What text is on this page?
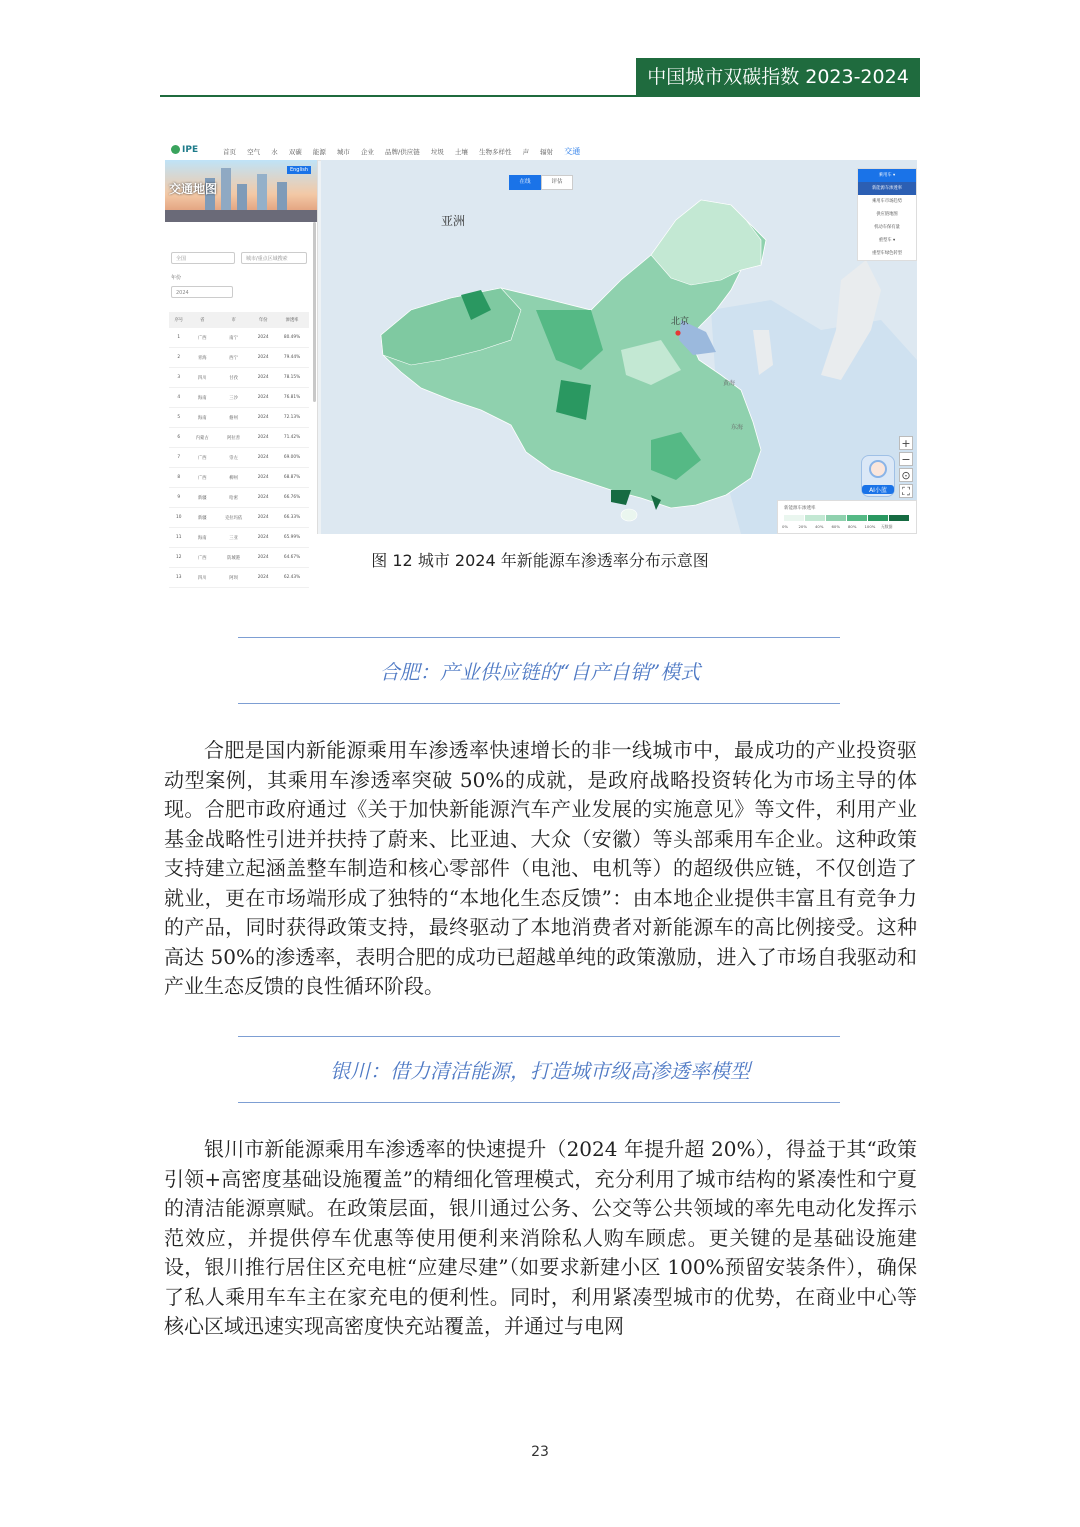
中国城市双碳指数 2023-2024
IPE	首页 空气 水 双碳 能源 城市 企业 品牌/供应链 垃圾 土壤 生物多样性 声 辐射 交通
交通地图
English
全国	城市/重点区域搜索
年份
2024
序号	省	市	年份	渗透率
1	广西	南宁	2024	80.49%
2	青海	西宁	2024	79.44%
3	四川	甘孜	2024	78.15%
4	海南	三沙	2024	76.81%
5	海南	儋州	2024	72.13%
6	内蒙古	阿拉善	2024	71.42%
7	广西	崇左	2024	69.00%
8	广西	柳州	2024	68.87%
9	新疆	哈密	2024	66.76%
10	新疆	克拉玛依	2024	66.33%
11	海南	三亚	2024	65.99%
12	广西	防城港	2024	64.67%
13	四川	阿坝	2024	62.43%
亚洲
北京
黄海
东海
在线	评估
乘用车 ▾
新能源车渗透率
乘用车市场趋势
供应链地图
机动车保有量
重型车 ▾
重型车绿色转型
+
−
⊙
⛶
AI小蓝
新能源车渗透率
0%	20% 40% 60% 80% 100% 无数据
图 12 城市 2024 年新能源车渗透率分布示意图
合肥：产业供应链的“自产自销”模式

合肥是国内新能源乘用车渗透率快速增长的非一线城市中，最成功的产业投资驱动型案例，其乘用车渗透率突破 50%的成就，是政府战略投资转化为市场主导的体现。合肥市政府通过《关于加快新能源汽车产业发展的实施意见》等文件，利用产业基金战略性引进并扶持了蔚来、比亚迪、大众（安徽）等头部乘用车企业。这种政策支持建立起涵盖整车制造和核心零部件（电池、电机等）的超级供应链，不仅创造了就业，更在市场端形成了独特的“本地化生态反馈”：由本地企业提供丰富且有竞争力的产品，同时获得政策支持，最终驱动了本地消费者对新能源车的高比例接受。这种高达 50%的渗透率，表明合肥的成功已超越单纯的政策激励，进入了市场自我驱动和产业生态反馈的良性循环阶段。

银川：借力清洁能源，打造城市级高渗透率模型

银川市新能源乘用车渗透率的快速提升（2024 年提升超 20%），得益于其“政策引领+高密度基础设施覆盖”的精细化管理模式，充分利用了城市结构的紧凑性和宁夏的清洁能源禀赋。在政策层面，银川通过公务、公交等公共领域的率先电动化发挥示范效应，并提供停车优惠等使用便利来消除私人购车顾虑。更关键的是基础设施建设，银川推行居住区充电桩“应建尽建”（如要求新建小区 100%预留安装条件），确保了私人乘用车车主在家充电的便利性。同时，利用紧凑型城市的优势，在商业中心等核心区域迅速实现高密度快充站覆盖，并通过与电网

23
